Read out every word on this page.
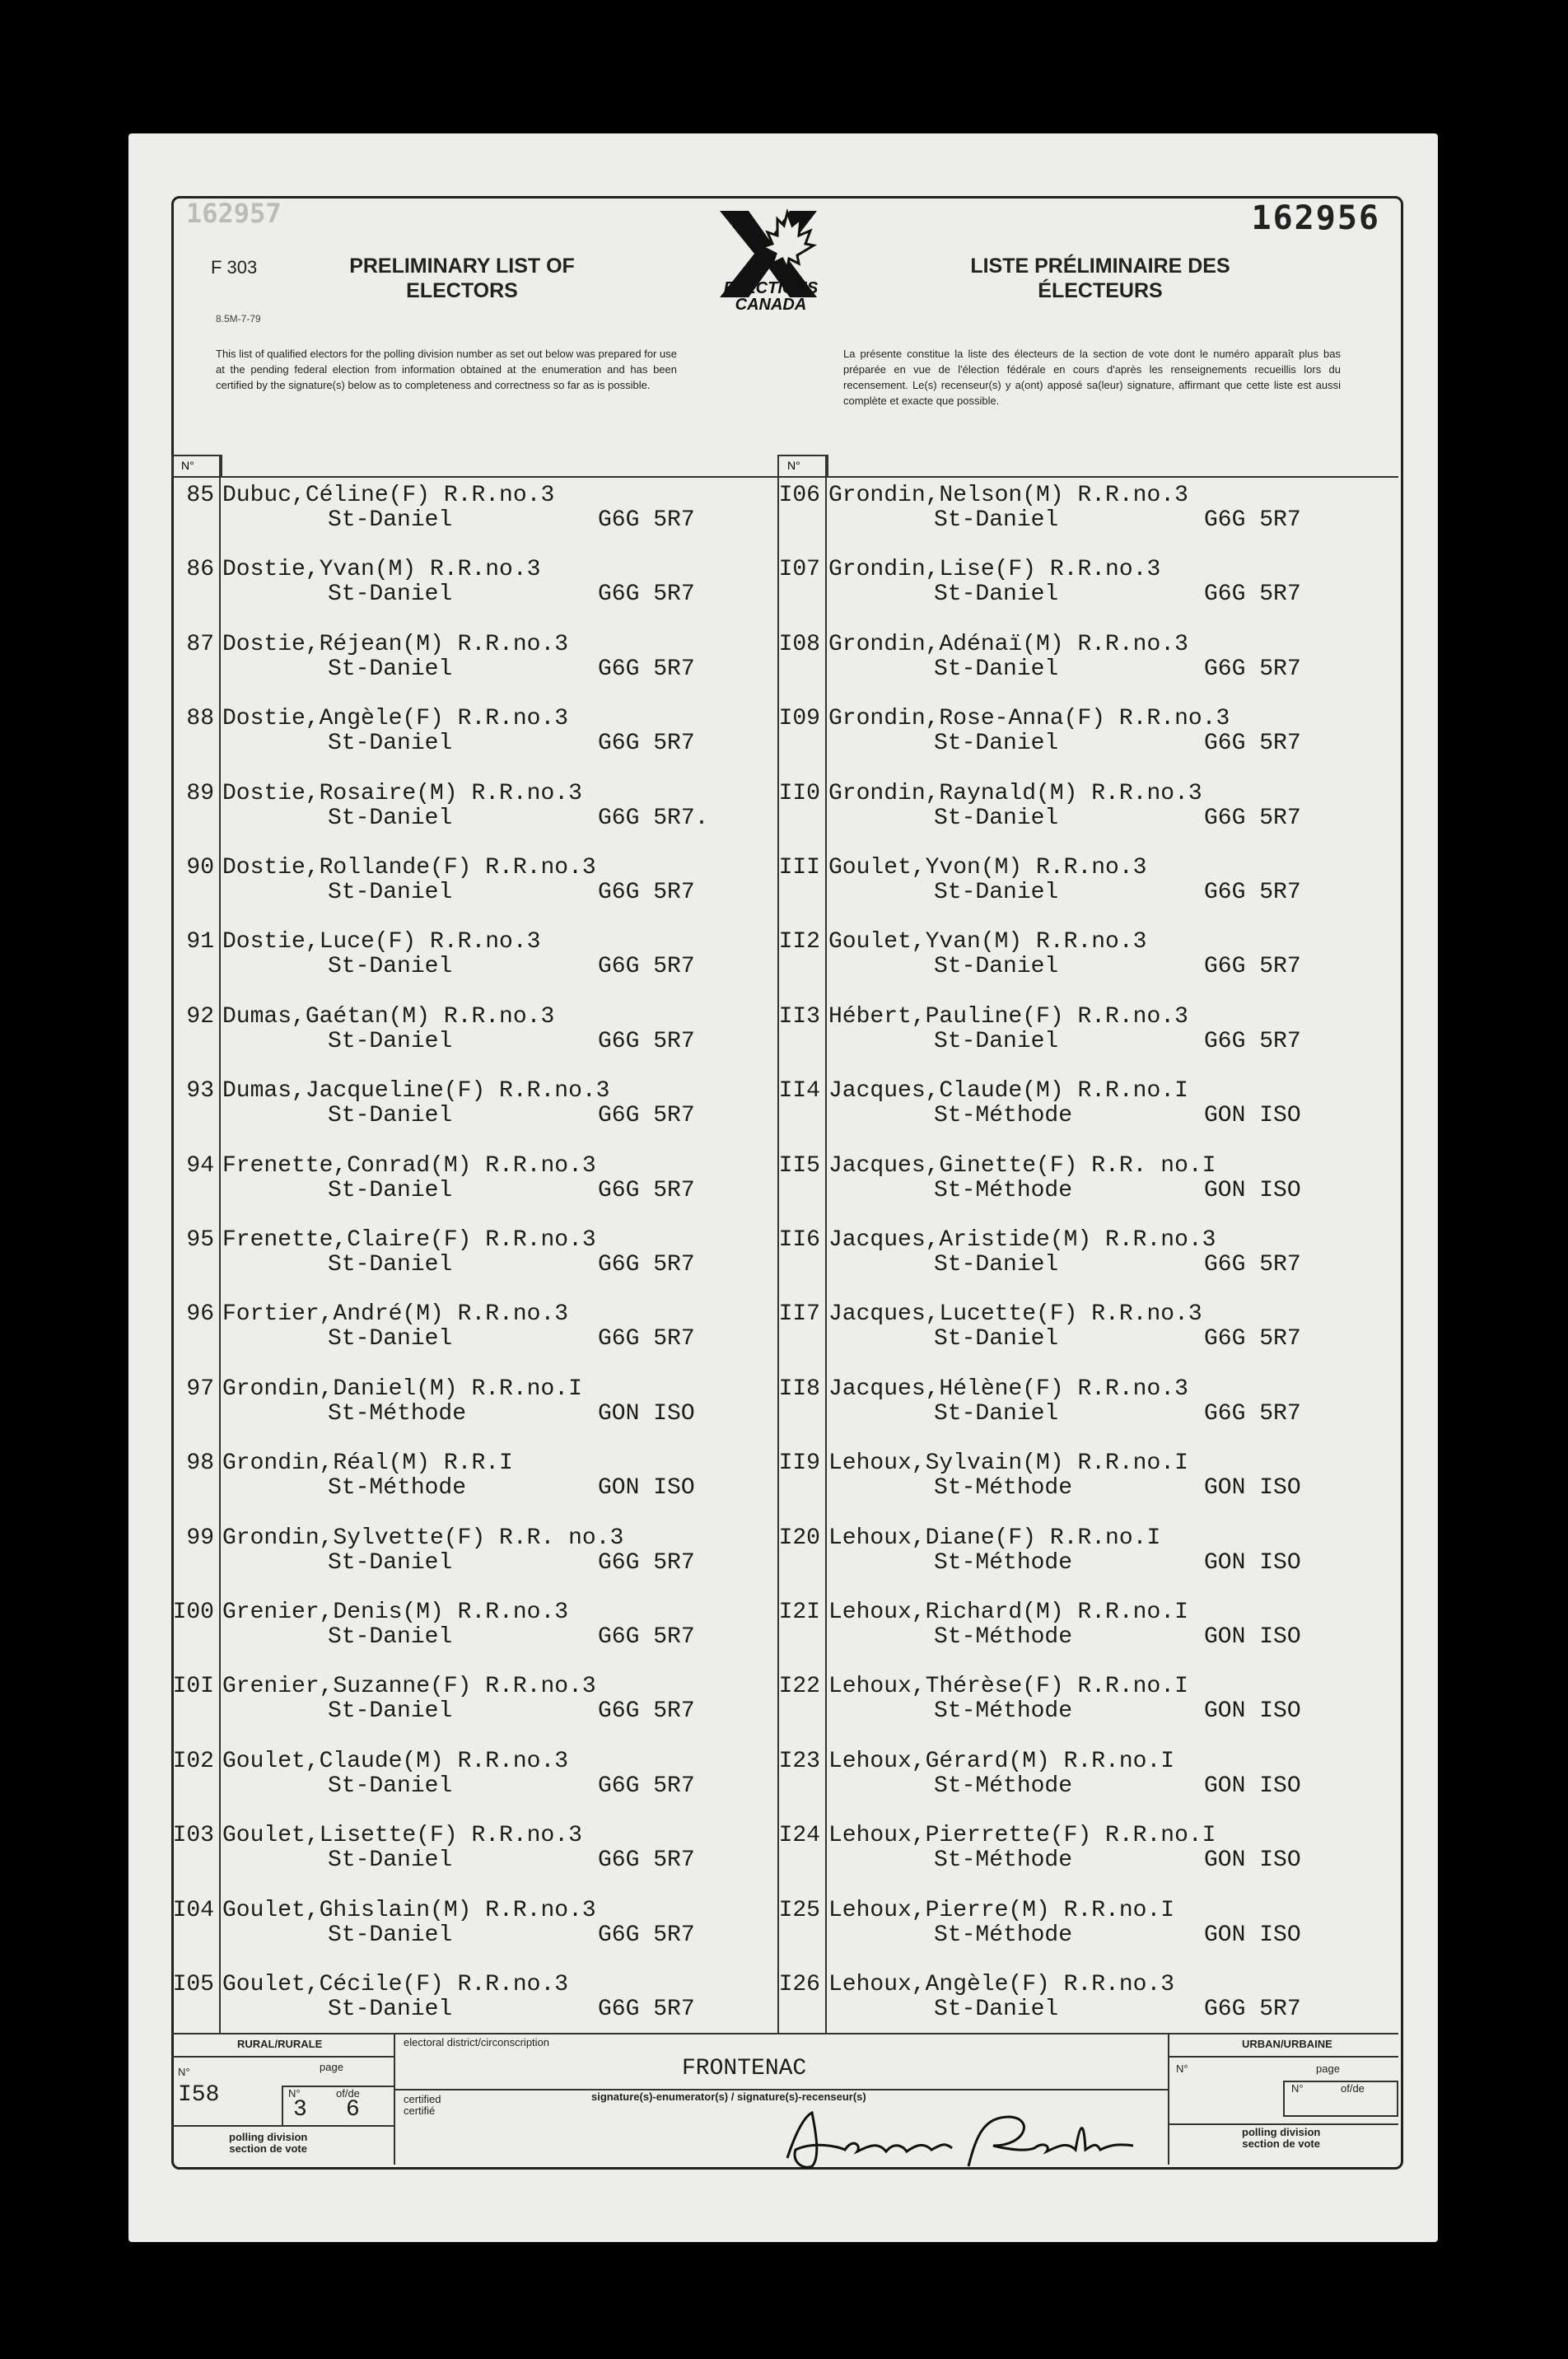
162957	162956
F 303
8.5M-7-79
PRELIMINARY LIST OF
ELECTORS
LISTE PRÉLIMINAIRE DES
ÉLECTEURS
ELECTIONS
CANADA
This list of qualified electors for the polling division number as set out below was prepared for use at the pending federal election from information obtained at the enumeration and has been certified by the signature(s) below as to completeness and correctness so far as is possible.
La présente constitue la liste des électeurs de la section de vote dont le numéro apparaît plus bas préparée en vue de l'élection fédérale en cours d'après les renseignements recueillis lors du recensement. Le(s) recenseur(s) y a(ont) apposé sa(leur) signature, affirmant que cette liste est aussi complète et exacte que possible.
N°	N°
85 Dubuc,Céline(F) R.R.no.3
St-Daniel	G6G 5R7
86 Dostie,Yvan(M) R.R.no.3
St-Daniel	G6G 5R7
87 Dostie,Réjean(M) R.R.no.3
St-Daniel	G6G 5R7
88 Dostie,Angèle(F) R.R.no.3
St-Daniel	G6G 5R7
89 Dostie,Rosaire(M) R.R.no.3
St-Daniel	G6G 5R7.
90 Dostie,Rollande(F) R.R.no.3
St-Daniel	G6G 5R7
91 Dostie,Luce(F) R.R.no.3
St-Daniel	G6G 5R7
92 Dumas,Gaétan(M) R.R.no.3
St-Daniel	G6G 5R7
93 Dumas,Jacqueline(F) R.R.no.3
St-Daniel	G6G 5R7
94 Frenette,Conrad(M) R.R.no.3
St-Daniel	G6G 5R7
95 Frenette,Claire(F) R.R.no.3
St-Daniel	G6G 5R7
96 Fortier,André(M) R.R.no.3
St-Daniel	G6G 5R7
97 Grondin,Daniel(M) R.R.no.I
St-Méthode	GON ISO
98 Grondin,Réal(M) R.R.I
St-Méthode	GON ISO
99 Grondin,Sylvette(F) R.R. no.3
St-Daniel	G6G 5R7
I00 Grenier,Denis(M) R.R.no.3
St-Daniel	G6G 5R7
I0I Grenier,Suzanne(F) R.R.no.3
St-Daniel	G6G 5R7
I02 Goulet,Claude(M) R.R.no.3
St-Daniel	G6G 5R7
I03 Goulet,Lisette(F) R.R.no.3
St-Daniel	G6G 5R7
I04 Goulet,Ghislain(M) R.R.no.3
St-Daniel	G6G 5R7
I05 Goulet,Cécile(F) R.R.no.3
St-Daniel	G6G 5R7
I06 Grondin,Nelson(M) R.R.no.3
St-Daniel	G6G 5R7
I07 Grondin,Lise(F) R.R.no.3
St-Daniel	G6G 5R7
I08 Grondin,Adénaï(M) R.R.no.3
St-Daniel	G6G 5R7
I09 Grondin,Rose-Anna(F) R.R.no.3
St-Daniel	G6G 5R7
II0 Grondin,Raynald(M) R.R.no.3
St-Daniel	G6G 5R7
III Goulet,Yvon(M) R.R.no.3
St-Daniel	G6G 5R7
II2 Goulet,Yvan(M) R.R.no.3
St-Daniel	G6G 5R7
II3 Hébert,Pauline(F) R.R.no.3
St-Daniel	G6G 5R7
II4 Jacques,Claude(M) R.R.no.I
St-Méthode	GON ISO
II5 Jacques,Ginette(F) R.R. no.I
St-Méthode	GON ISO
II6 Jacques,Aristide(M) R.R.no.3
St-Daniel	G6G 5R7
II7 Jacques,Lucette(F) R.R.no.3
St-Daniel	G6G 5R7
II8 Jacques,Hélène(F) R.R.no.3
St-Daniel	G6G 5R7
II9 Lehoux,Sylvain(M) R.R.no.I
St-Méthode	GON ISO
I20 Lehoux,Diane(F) R.R.no.I
St-Méthode	GON ISO
I2I Lehoux,Richard(M) R.R.no.I
St-Méthode	GON ISO
I22 Lehoux,Thérèse(F) R.R.no.I
St-Méthode	GON ISO
I23 Lehoux,Gérard(M) R.R.no.I
St-Méthode	GON ISO
I24 Lehoux,Pierrette(F) R.R.no.I
St-Méthode	GON ISO
I25 Lehoux,Pierre(M) R.R.no.I
St-Méthode	GON ISO
I26 Lehoux,Angèle(F) R.R.no.3
St-Daniel	G6G 5R7
RURAL/RURALE	URBAN/URBAINE
electoral district/circonscription
FRONTENAC
N°
I58
page
N°	of/de
3 6
polling division
section de vote
certified
certifié
signature(s)-enumerator(s) / signature(s)-recenseur(s)
N°	page
N°	of/de
polling division
section de vote
